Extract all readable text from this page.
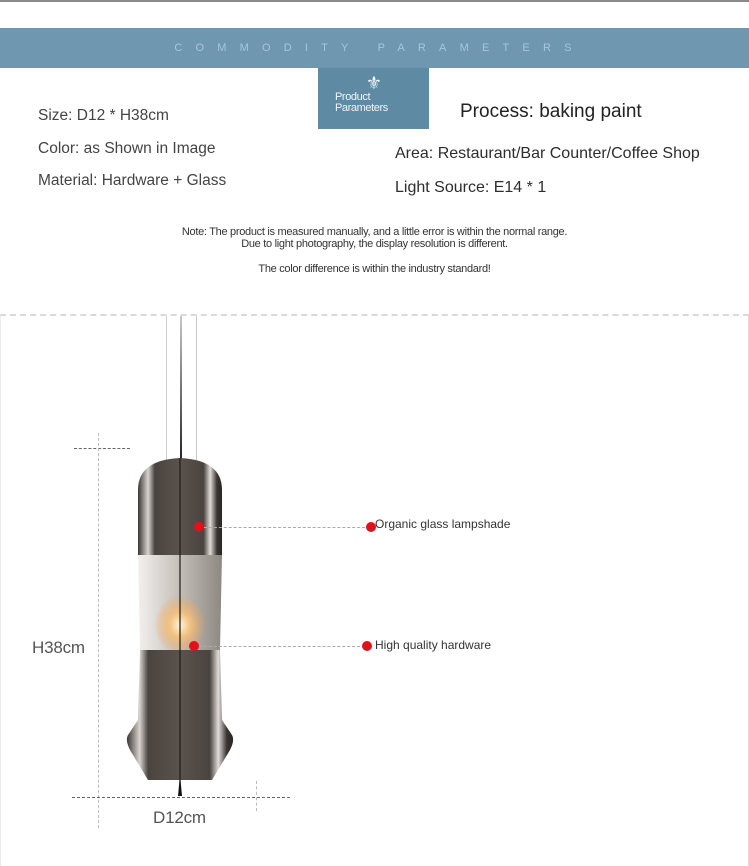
COMMODITY PARAMETERS
⚜
Product
Parameters
Size: D12 * H38cm
Color: as Shown in Image
Material: Hardware + Glass
Process: baking paint
Area: Restaurant/Bar Counter/Coffee Shop
Light Source: E14 * 1
Note: The product is measured manually, and a little error is within the normal range.
Due to light photography, the display resolution is different.
The color difference is within the industry standard!
H38cm
D12cm
Organic glass lampshade
High quality hardware
